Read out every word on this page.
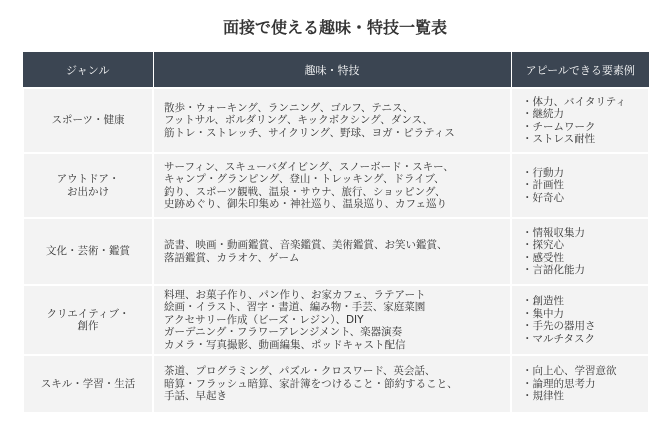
面接で使える趣味・特技一覧表
ジャンル	趣味・特技	アピールできる要素例

スポーツ・健康	散歩・ウォーキング、ランニング、ゴルフ、テニス、
フットサル、ボルダリング、キックボクシング、ダンス、
筋トレ・ストレッチ、サイクリング、野球、ヨガ・ピラティス	・体力、バイタリティ
・継続力
・チームワーク
・ストレス耐性

アウトドア・
お出かけ	サーフィン、スキューバダイビング、スノーボード・スキー、
キャンプ・グランピング、登山・トレッキング、ドライブ、
釣り、スポーツ観戦、温泉・サウナ、旅行、ショッピング、
史跡めぐり、御朱印集め・神社巡り、温泉巡り、カフェ巡り	・行動力
・計画性
・好奇心

文化・芸術・鑑賞	読書、映画・動画鑑賞、音楽鑑賞、美術鑑賞、お笑い鑑賞、
落語鑑賞、カラオケ、ゲーム	・情報収集力
・探究心
・感受性
・言語化能力

クリエイティブ・
創作	料理、お菓子作り、パン作り、お家カフェ、ラテアート
絵画・イラスト、習字・書道、編み物・手芸、家庭菜園
アクセサリー作成（ビーズ・レジン）、DIY
ガーデニング・フラワーアレンジメント、楽器演奏
カメラ・写真撮影、動画編集、ポッドキャスト配信	・創造性
・集中力
・手先の器用さ
・マルチタスク

スキル・学習・生活	茶道、プログラミング、パズル・クロスワード、英会話、
暗算・フラッシュ暗算、家計簿をつけること・節約すること、
手話、早起き	・向上心、学習意欲
・論理的思考力
・規律性
